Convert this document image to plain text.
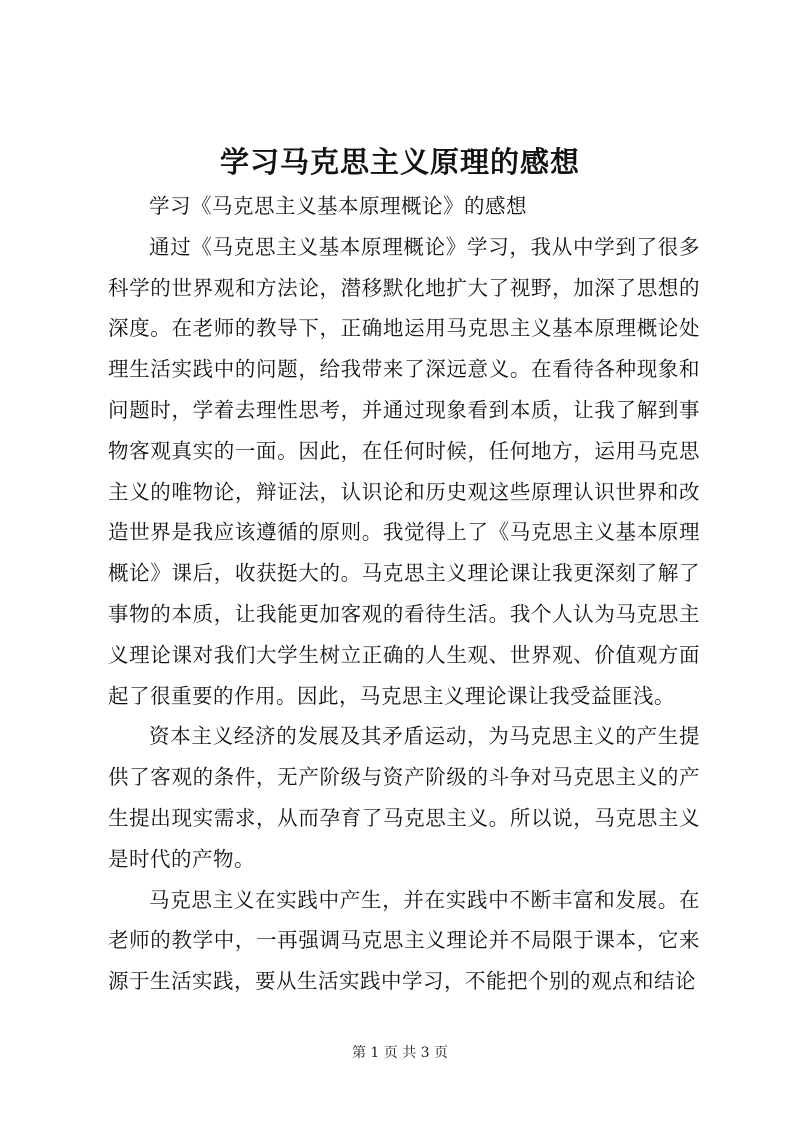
学习马克思主义原理的感想

学习《马克思主义基本原理概论》的感想

通过《马克思主义基本原理概论》学习，我从中学到了很多科学的世界观和方法论，潜移默化地扩大了视野，加深了思想的深度。在老师的教导下，正确地运用马克思主义基本原理概论处理生活实践中的问题，给我带来了深远意义。在看待各种现象和问题时，学着去理性思考，并通过现象看到本质，让我了解到事物客观真实的一面。因此，在任何时候，任何地方，运用马克思主义的唯物论，辩证法，认识论和历史观这些原理认识世界和改造世界是我应该遵循的原则。我觉得上了《马克思主义基本原理概论》课后，收获挺大的。马克思主义理论课让我更深刻了解了事物的本质，让我能更加客观的看待生活。我个人认为马克思主义理论课对我们大学生树立正确的人生观、世界观、价值观方面起了很重要的作用。因此，马克思主义理论课让我受益匪浅。

资本主义经济的发展及其矛盾运动，为马克思主义的产生提供了客观的条件，无产阶级与资产阶级的斗争对马克思主义的产生提出现实需求，从而孕育了马克思主义。所以说，马克思主义是时代的产物。

马克思主义在实践中产生，并在实践中不断丰富和发展。在老师的教学中，一再强调马克思主义理论并不局限于课本，它来源于生活实践，要从生活实践中学习，不能把个别的观点和结论

第 1 页 共 3 页
